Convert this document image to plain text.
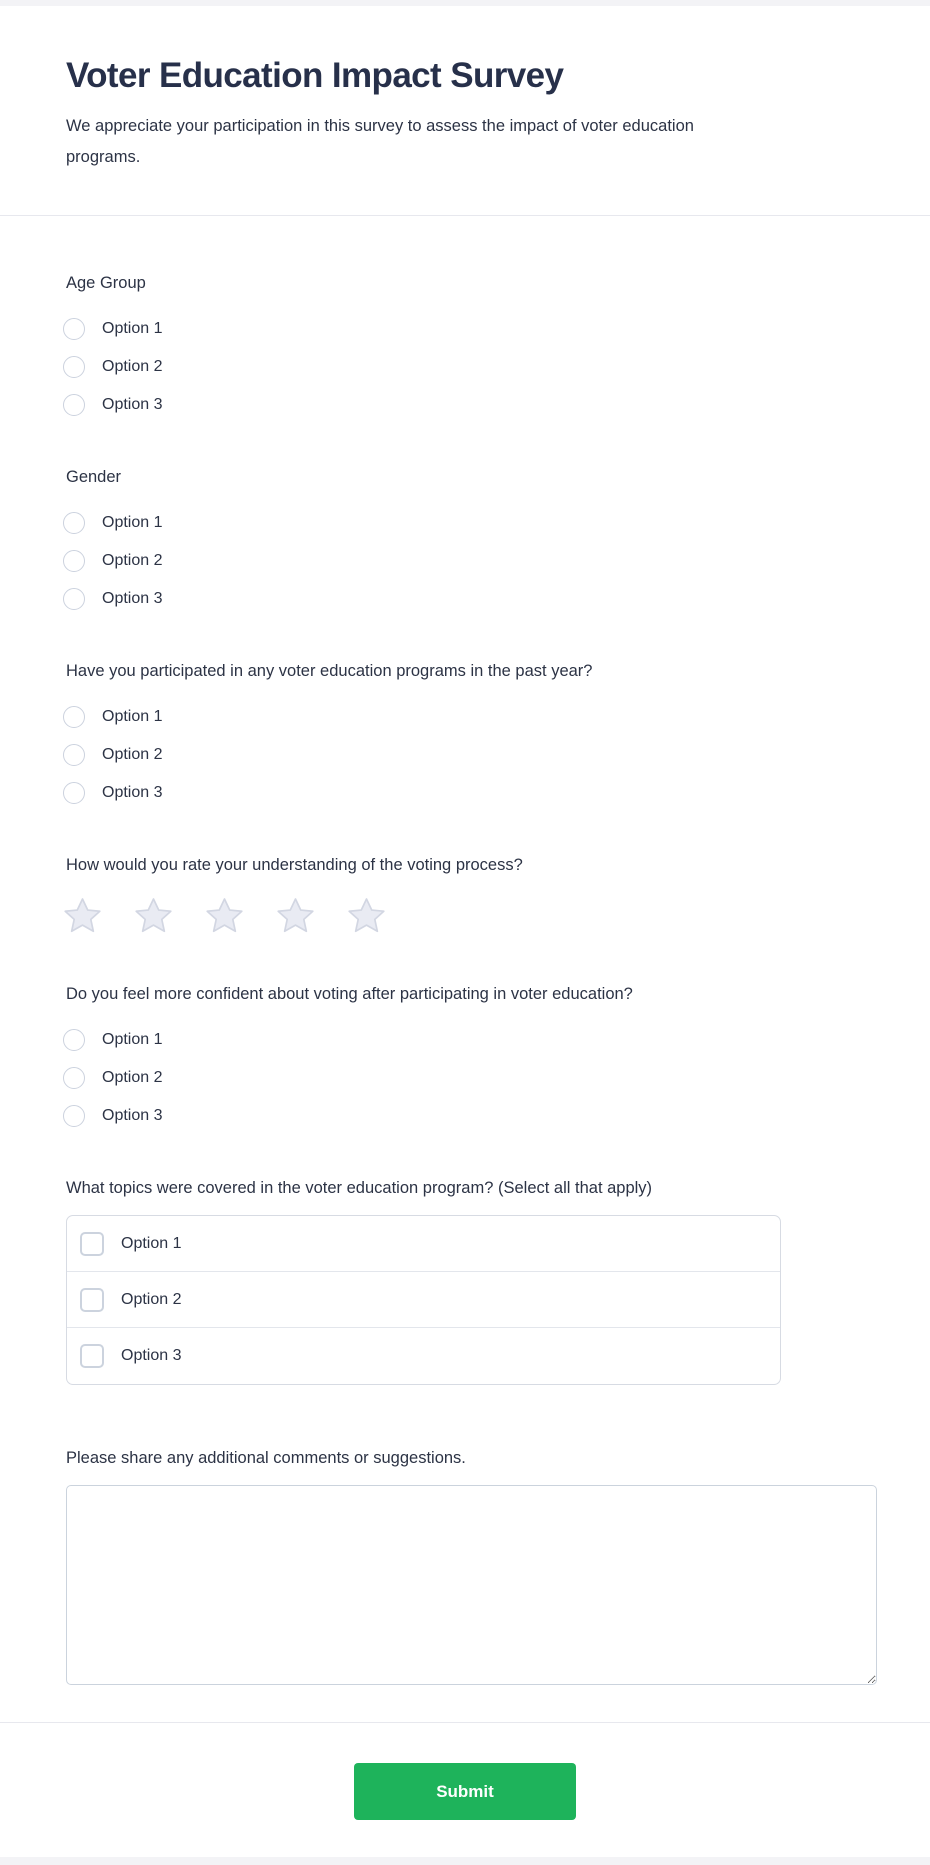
Voter Education Impact Survey
We appreciate your participation in this survey to assess the impact of voter education programs.
Age Group
Option 1
Option 2
Option 3
Gender
Option 1
Option 2
Option 3
Have you participated in any voter education programs in the past year?
Option 1
Option 2
Option 3
How would you rate your understanding of the voting process?
Do you feel more confident about voting after participating in voter education?
Option 1
Option 2
Option 3
What topics were covered in the voter education program? (Select all that apply)
Option 1
Option 2
Option 3
Please share any additional comments or suggestions.
Submit
